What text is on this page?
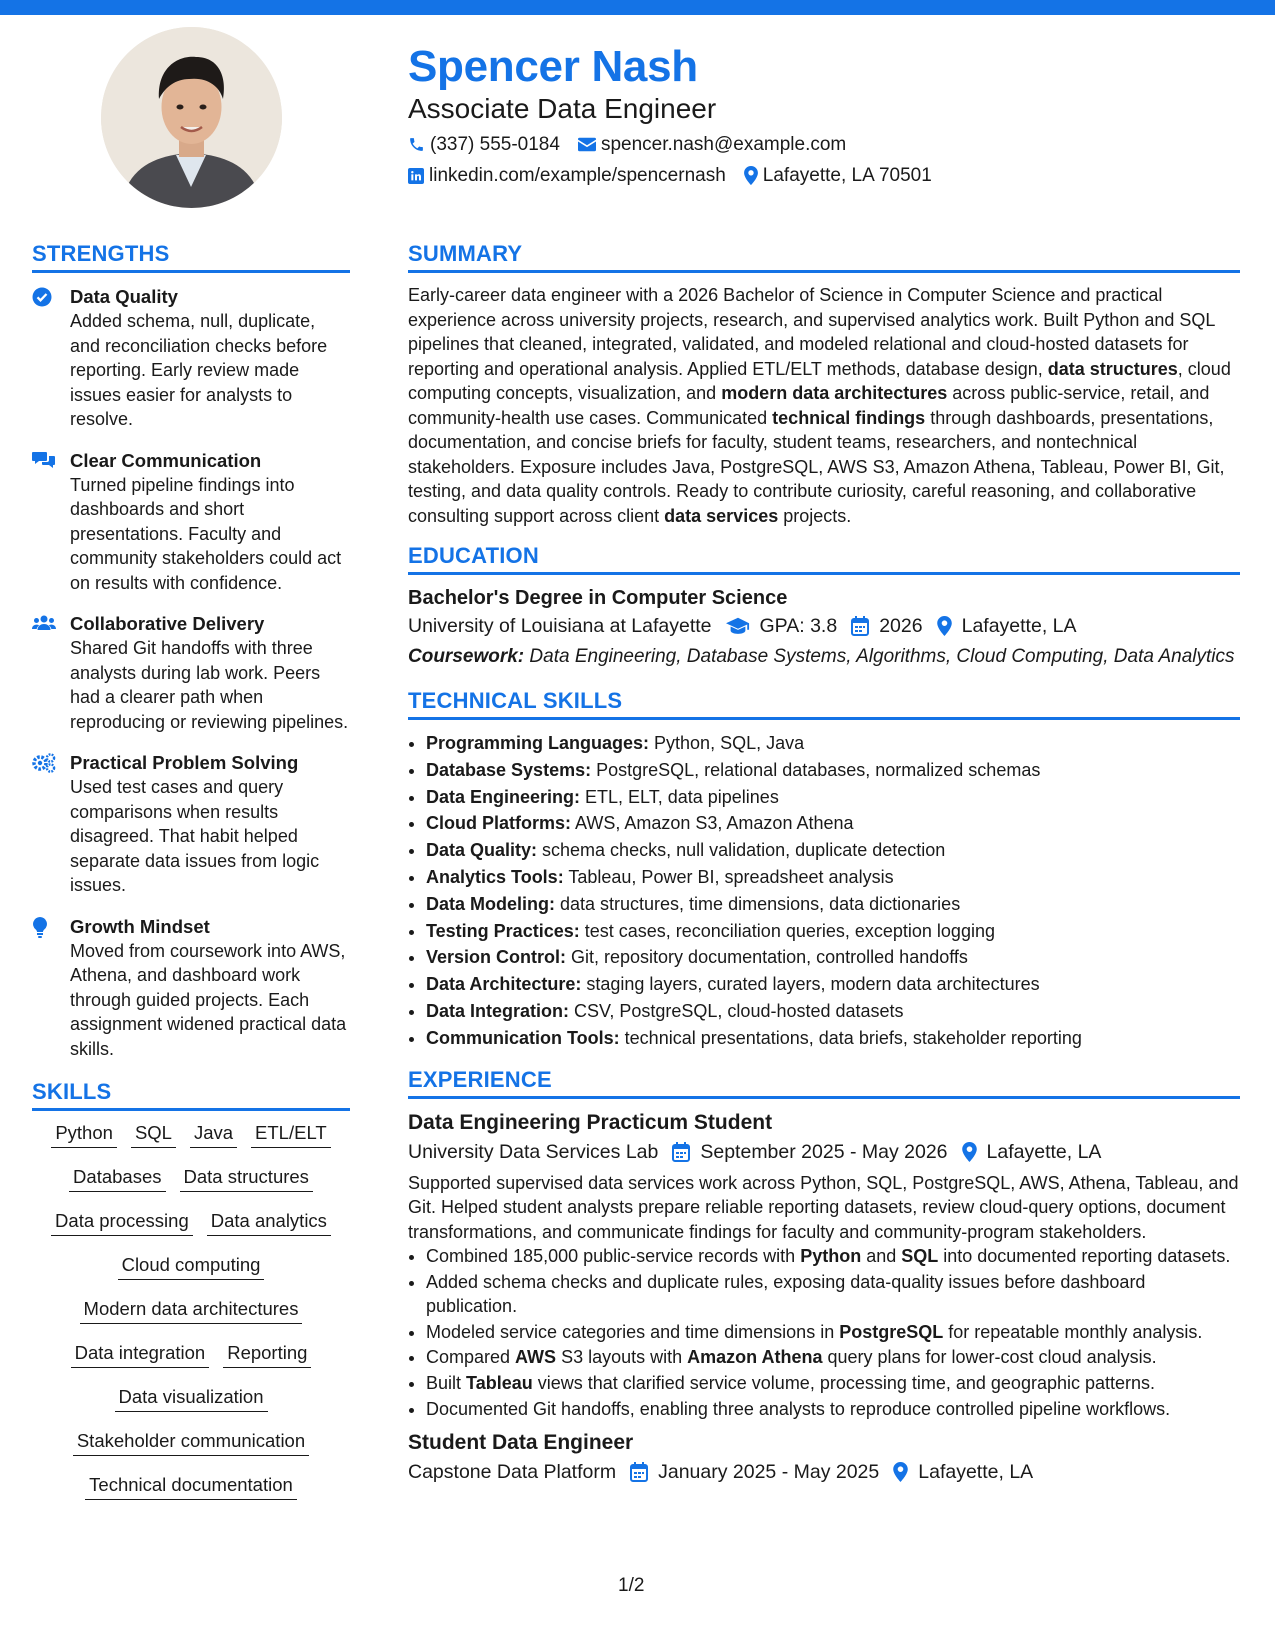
Spencer Nash
Associate Data Engineer
(337) 555-0184 spencer.nash@example.com
linkedin.com/example/spencernash Lafayette, LA 70501
STRENGTHS
Data Quality
Added schema, null, duplicate, and reconciliation checks before reporting. Early review made issues easier for analysts to resolve.
Clear Communication
Turned pipeline findings into dashboards and short presentations. Faculty and community stakeholders could act on results with confidence.
Collaborative Delivery
Shared Git handoffs with three analysts during lab work. Peers had a clearer path when reproducing or reviewing pipelines.
Practical Problem Solving
Used test cases and query comparisons when results disagreed. That habit helped separate data issues from logic issues.
Growth Mindset
Moved from coursework into AWS, Athena, and dashboard work through guided projects. Each assignment widened practical data skills.
SKILLS
Python SQL Java ETL/ELT
Databases Data structures
Data processing Data analytics
Cloud computing
Modern data architectures
Data integration Reporting
Data visualization
Stakeholder communication
Technical documentation
SUMMARY

Early-career data engineer with a 2026 Bachelor of Science in Computer Science and practical experience across university projects, research, and supervised analytics work. Built Python and SQL pipelines that cleaned, integrated, validated, and modeled relational and cloud-hosted datasets for reporting and operational analysis. Applied ETL/ELT methods, database design, data structures, cloud computing concepts, visualization, and modern data architectures across public-service, retail, and community-health use cases. Communicated technical findings through dashboards, presentations, documentation, and concise briefs for faculty, student teams, researchers, and nontechnical stakeholders. Exposure includes Java, PostgreSQL, AWS S3, Amazon Athena, Tableau, Power BI, Git, testing, and data quality controls. Ready to contribute curiosity, careful reasoning, and collaborative consulting support across client data services projects.

EDUCATION
Bachelor's Degree in Computer Science
University of Louisiana at Lafayette GPA: 3.8 2026 Lafayette, LA
Coursework: Data Engineering, Database Systems, Algorithms, Cloud Computing, Data Analytics
TECHNICAL SKILLS
• Programming Languages: Python, SQL, Java
• Database Systems: PostgreSQL, relational databases, normalized schemas
• Data Engineering: ETL, ELT, data pipelines
• Cloud Platforms: AWS, Amazon S3, Amazon Athena
• Data Quality: schema checks, null validation, duplicate detection
• Analytics Tools: Tableau, Power BI, spreadsheet analysis
• Data Modeling: data structures, time dimensions, data dictionaries
• Testing Practices: test cases, reconciliation queries, exception logging
• Version Control: Git, repository documentation, controlled handoffs
• Data Architecture: staging layers, curated layers, modern data architectures
• Data Integration: CSV, PostgreSQL, cloud-hosted datasets
• Communication Tools: technical presentations, data briefs, stakeholder reporting
EXPERIENCE
Data Engineering Practicum Student
University Data Services Lab September 2025 - May 2026 Lafayette, LA

Supported supervised data services work across Python, SQL, PostgreSQL, AWS, Athena, Tableau, and Git. Helped student analysts prepare reliable reporting datasets, review cloud-query options, document transformations, and communicate findings for faculty and community-program stakeholders.

• Combined 185,000 public-service records with Python and SQL into documented reporting datasets.
• Added schema checks and duplicate rules, exposing data-quality issues before dashboard publication.
• Modeled service categories and time dimensions in PostgreSQL for repeatable monthly analysis.
• Compared AWS S3 layouts with Amazon Athena query plans for lower-cost cloud analysis.
• Built Tableau views that clarified service volume, processing time, and geographic patterns.
• Documented Git handoffs, enabling three analysts to reproduce controlled pipeline workflows.
Student Data Engineer
Capstone Data Platform January 2025 - May 2025 Lafayette, LA
1/2
